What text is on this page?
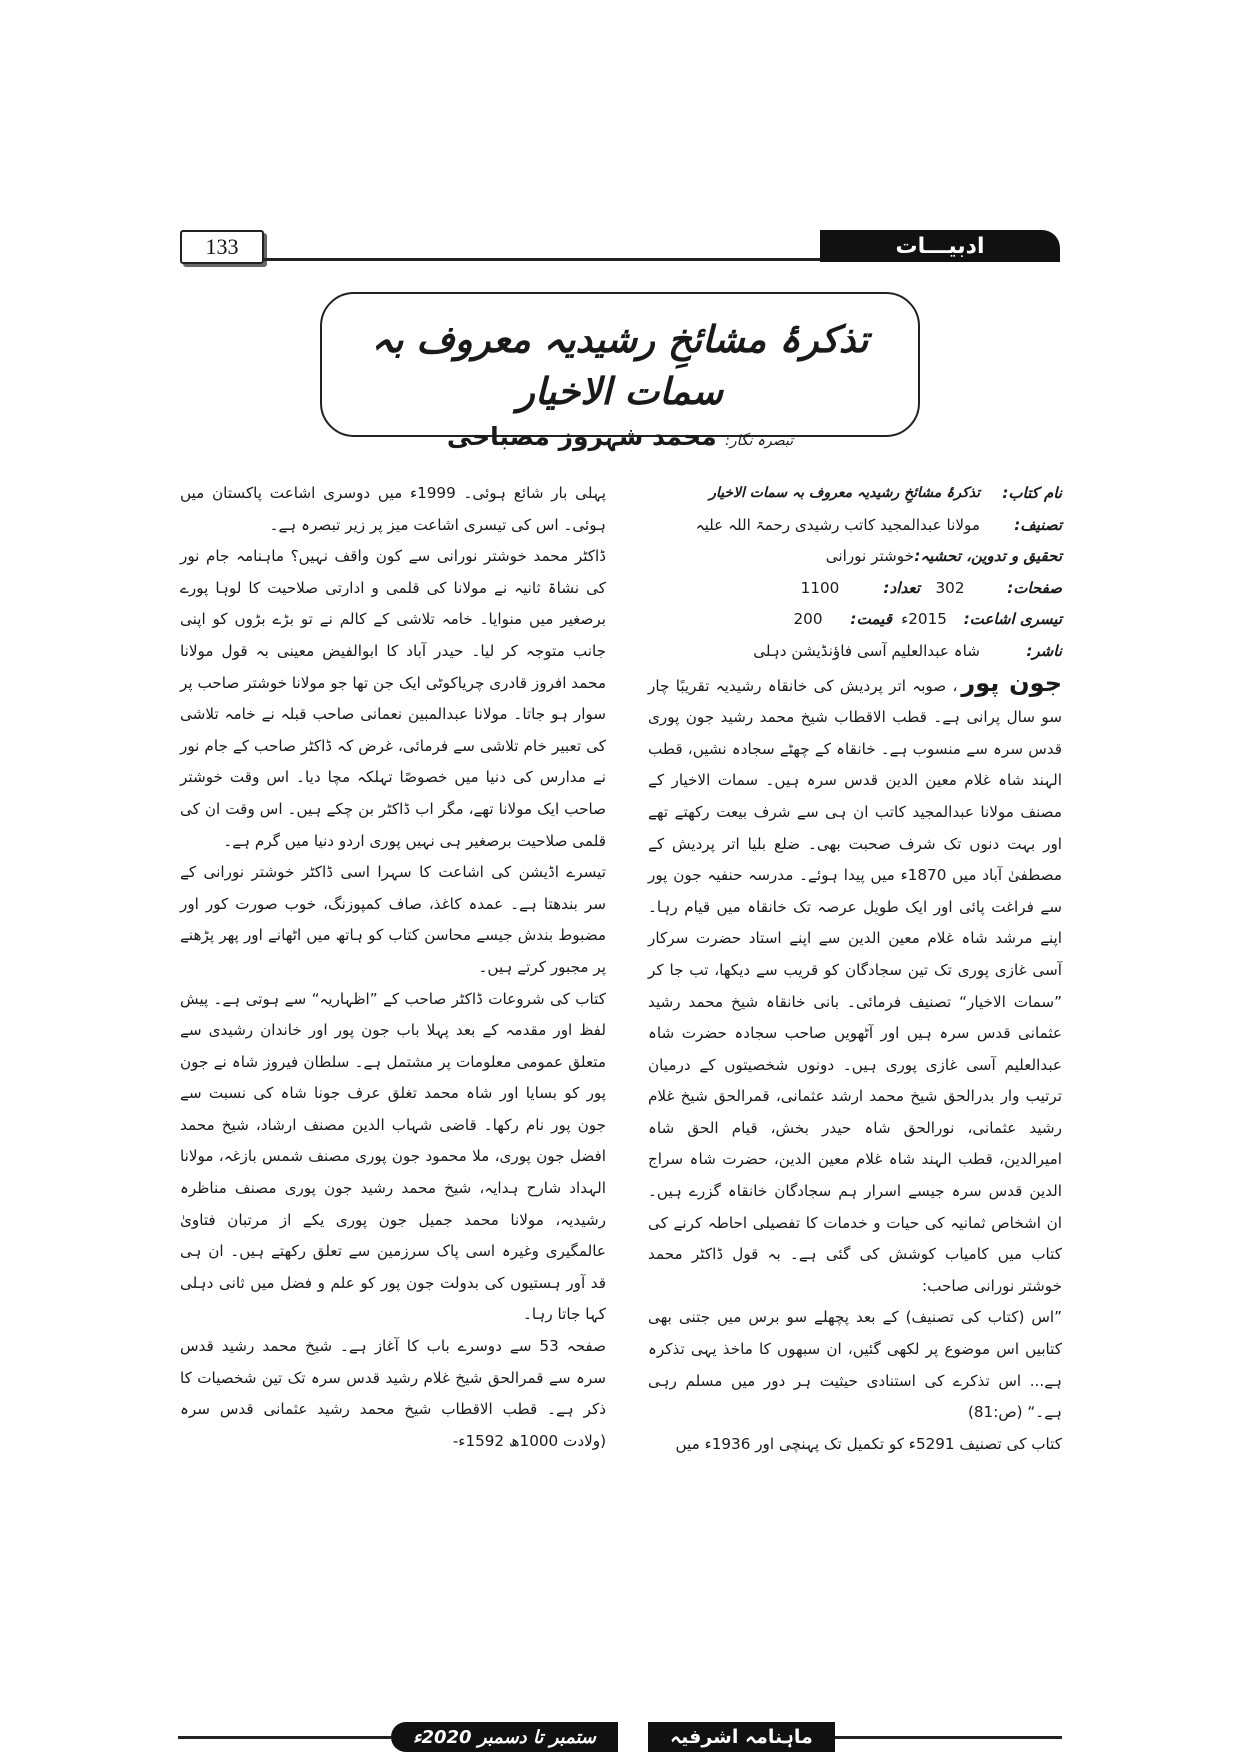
133	ادبیـــات
تذکرۂ مشائخِ رشیدیہ معروف بہ سمات الاخیار
تبصرہ نگار: محمد شہروز مصباحی
نام کتاب:
تذکرۂ مشائخِ رشیدیہ معروف بہ سمات الاخیار
تصنیف:
مولانا عبدالمجید کاتب رشیدی رحمۃ اللہ علیہ
تحقیق و تدوین، تحشیہ:
خوشتر نورانی
صفحات:
302
تعداد:
1100
تیسری اشاعت:
2015ء
قیمت:
200
ناشر:
شاہ عبدالعلیم آسی فاؤنڈیشن دہلی

جون پور، صوبہ اتر پردیش کی خانقاہ رشیدیہ تقریبًا چار سو سال پرانی ہے۔ قطب الاقطاب شیخ محمد رشید جون پوری قدس سرہ سے منسوب ہے۔ خانقاہ کے چھٹے سجادہ نشیں، قطب الہند شاہ غلام معین الدین قدس سرہ ہیں۔ سمات الاخیار کے مصنف مولانا عبدالمجید کاتب ان ہی سے شرف بیعت رکھتے تھے اور بہت دنوں تک شرف صحبت بھی۔ ضلع بلیا اتر پردیش کے مصطفیٰ آباد میں 1870ء میں پیدا ہوئے۔ مدرسہ حنفیہ جون پور سے فراغت پائی اور ایک طویل عرصہ تک خانقاہ میں قیام رہا۔ اپنے مرشد شاہ غلام معین الدین سے اپنے استاد حضرت سرکار آسی غازی پوری تک تین سجادگان کو قریب سے دیکھا، تب جا کر ”سمات الاخیار“ تصنیف فرمائی۔ بانی خانقاہ شیخ محمد رشید عثمانی قدس سرہ ہیں اور آٹھویں صاحب سجادہ حضرت شاہ عبدالعلیم آسی غازی پوری ہیں۔ دونوں شخصیتوں کے درمیان ترتیب وار بدرالحق شیخ محمد ارشد عثمانی، قمرالحق شیخ غلام رشید عثمانی، نورالحق شاہ حیدر بخش، قیام الحق شاہ امیرالدین، قطب الہند شاہ غلام معین الدین، حضرت شاہ سراج الدین قدس سرہ جیسے اسرار ہم سجادگان خانقاہ گزرے ہیں۔ ان اشخاص ثمانیہ کی حیات و خدمات کا تفصیلی احاطہ کرنے کی کتاب میں کامیاب کوشش کی گئی ہے۔ بہ قول ڈاکٹر محمد خوشتر نورانی صاحب:

”اس (کتاب کی تصنیف) کے بعد پچھلے سو برس میں جتنی بھی کتابیں اس موضوع پر لکھی گئیں، ان سبھوں کا ماخذ یہی تذکرہ ہے... اس تذکرے کی استنادی حیثیت ہر دور میں مسلم رہی ہے۔“ (ص:81)

کتاب کی تصنیف 5291ء کو تکمیل تک پہنچی اور 1936ء میں

پہلی بار شائع ہوئی۔ 1999ء میں دوسری اشاعت پاکستان میں ہوئی۔ اس کی تیسری اشاعت میز پر زیر تبصرہ ہے۔

ڈاکٹر محمد خوشتر نورانی سے کون واقف نہیں؟ ماہنامہ جام نور کی نشاۃ ثانیہ نے مولانا کی قلمی و ادارتی صلاحیت کا لوہا پورے برصغیر میں منوایا۔ خامہ تلاشی کے کالم نے تو بڑے بڑوں کو اپنی جانب متوجہ کر لیا۔ حیدر آباد کا ابوالفیض معینی بہ قول مولانا محمد افروز قادری چریاکوٹی ایک جن تھا جو مولانا خوشتر صاحب پر سوار ہو جاتا۔ مولانا عبدالمبین نعمانی صاحب قبلہ نے خامہ تلاشی کی تعبیر خام تلاشی سے فرمائی، غرض کہ ڈاکٹر صاحب کے جام نور نے مدارس کی دنیا میں خصوصًا تہلکہ مچا دیا۔ اس وقت خوشتر صاحب ایک مولانا تھے، مگر اب ڈاکٹر بن چکے ہیں۔ اس وقت ان کی قلمی صلاحیت برصغیر ہی نہیں پوری اردو دنیا میں گرم ہے۔

تیسرے اڈیشن کی اشاعت کا سہرا اسی ڈاکٹر خوشتر نورانی کے سر بندھتا ہے۔ عمدہ کاغذ، صاف کمپوزنگ، خوب صورت کور اور مضبوط بندش جیسے محاسن کتاب کو ہاتھ میں اٹھانے اور پھر پڑھنے پر مجبور کرتے ہیں۔

کتاب کی شروعات ڈاکٹر صاحب کے ”اظہاریہ“ سے ہوتی ہے۔ پیش لفظ اور مقدمہ کے بعد پہلا باب جون پور اور خاندان رشیدی سے متعلق عمومی معلومات پر مشتمل ہے۔ سلطان فیروز شاہ نے جون پور کو بسایا اور شاہ محمد تغلق عرف جونا شاہ کی نسبت سے جون پور نام رکھا۔ قاضی شہاب الدین مصنف ارشاد، شیخ محمد افضل جون پوری، ملا محمود جون پوری مصنف شمس بازغہ، مولانا الہداد شارح ہدایہ، شیخ محمد رشید جون پوری مصنف مناظرہ رشیدیہ، مولانا محمد جمیل جون پوری یکے از مرتبان فتاویٰ عالمگیری وغیرہ اسی پاک سرزمین سے تعلق رکھتے ہیں۔ ان ہی قد آور ہستیوں کی بدولت جون پور کو علم و فضل میں ثانی دہلی کہا جاتا رہا۔

صفحہ 53 سے دوسرے باب کا آغاز ہے۔ شیخ محمد رشید قدس سرہ سے قمرالحق شیخ غلام رشید قدس سرہ تک تین شخصیات کا ذکر ہے۔ قطب الاقطاب شیخ محمد رشید عثمانی قدس سرہ (ولادت 1000ھ 1592ء-

ستمبر تا دسمبر 2020ء	ماہنامہ اشرفیہ
